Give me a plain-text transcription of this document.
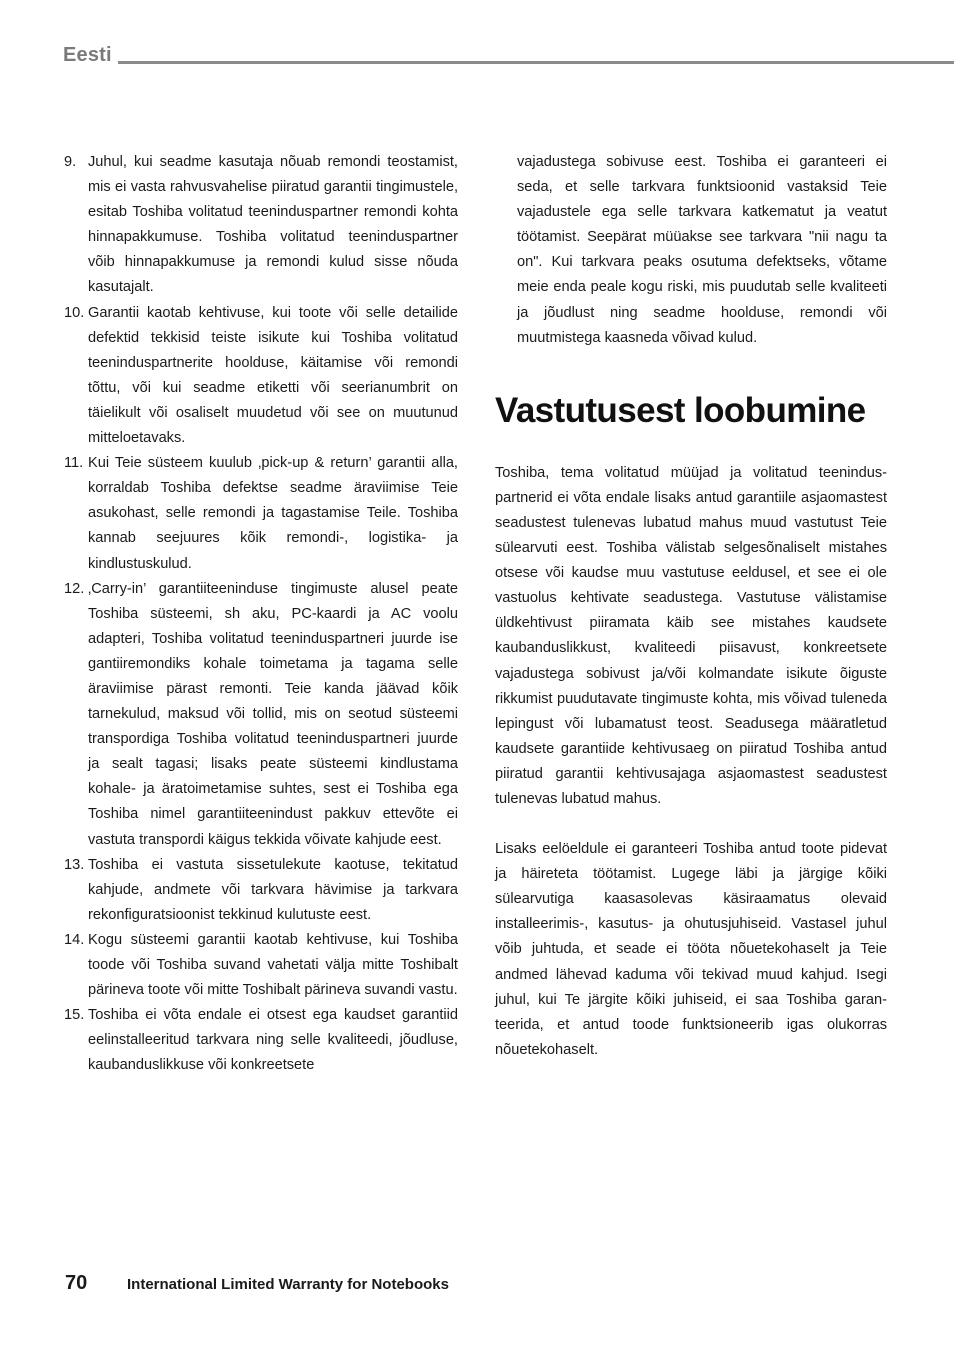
Eesti
9. Juhul, kui seadme kasutaja nõuab remondi teostamist, mis ei vasta rahvusvahelise piiratud garantii tingimustele, esitab Toshiba volitatud teeninduspartner remondi kohta hinnapakkumuse. Toshiba volitatud teeninduspartner võib hinnapakkumuse ja remondi kulud sisse nõuda kasutajalt.
10. Garantii kaotab kehtivuse, kui toote või selle detailide defektid tekkisid teiste isikute kui Toshiba volitatud teeninduspartnerite hoolduse, käitamise või remondi tõttu, või kui seadme etiketti või seerianumbrit on täielikult või osaliselt muudetud või see on muutunud mitteloetavaks.
11. Kui Teie süsteem kuulub ‚pick-up & return’ garantii alla, korraldab Toshiba defektse seadme äraviimise Teie asukohast, selle remondi ja tagastamise Teile. Toshiba kannab seejuures kõik remondi-, logistika- ja kindlustuskulud.
12. ‚Carry-in’ garantiiteeninduse tingimuste alusel peate Toshiba süsteemi, sh aku, PC-kaardi ja AC voolu adapteri, Toshiba volitatud teeninduspartneri juurde ise gantiiremondiks kohale toimetama ja tagama selle äraviimise pärast remonti. Teie kanda jäävad kõik tarnekulud, maksud või tollid, mis on seotud süsteemi transpordiga Toshiba volitatud teeninduspartneri juurde ja sealt tagasi; lisaks peate süsteemi kindlustama kohale- ja äratoimetamise suhtes, sest ei Toshiba ega Toshiba nimel garantiiteenindust pakkuv ettevõte ei vastuta transpordi käigus tekkida võivate kahjude eest.
13. Toshiba ei vastuta sissetulekute kaotuse, tekitatud kahjude, andmete või tarkvara hävimise ja tarkvara rekonfiguratsioonist tekkinud kulutuste eest.
14. Kogu süsteemi garantii kaotab kehtivuse, kui Toshiba toode või Toshiba suvand vahetati välja mitte Toshibalt pärineva toote või mitte Toshibalt pärineva suvandi vastu.
15. Toshiba ei võta endale ei otsest ega kaudset garantiid eelinstalleeritud tarkvara ning selle kvaliteedi, jõudluse, kaubanduslikkuse või konkreetsete

vajadustega sobivuse eest. Toshiba ei garanteeri ei seda, et selle tarkvara funktsioonid vastaksid Teie vajadustele ega selle tarkvara katkematut ja veatut töötamist. Seepärat müüakse see tarkvara "nii nagu ta on". Kui tarkvara peaks osutuma defektseks, võtame meie enda peale kogu riski, mis puudutab selle kvaliteeti ja jõudlust ning seadme hoolduse, remondi või muutmistega kaasneda võivad kulud.

Vastutusest loobumine

Toshiba, tema volitatud müüjad ja volitatud teeninduspartnerid ei võta endale lisaks antud garantiile asjaomastest seadustest tulenevas lubatud mahus muud vastutust Teie sülearvuti eest. Toshiba välistab selgesõnaliselt mistahes otsese või kaudse muu vastutuse eeldusel, et see ei ole vastuolus kehtivate seadustega. Vastutuse välistamise üldkehtivust piiramata käib see mistahes kaudsete kaubanduslikkust, kvaliteedi piisavust, konkreetsete vajadustega sobivust ja/või kolmandate isikute õiguste rikkumist puudutavate tingimuste kohta, mis võivad tuleneda lepingust või lubamatust teost. Seadusega määratletud kaudsete garantiide kehtivusaeg on piiratud Toshiba antud piiratud garantii kehtivusajaga asjaomastest seadustest tulenevas lubatud mahus.

Lisaks eelöeldule ei garanteeri Toshiba antud toote pidevat ja häireteta töötamist. Lugege läbi ja järgige kõiki sülearvutiga kaasasolevas käsiraamatus olevaid installeerimis-, kasutus- ja ohutusjuhiseid. Vastasel juhul võib juhtuda, et seade ei tööta nõuetekohaselt ja Teie andmed lähevad kaduma või tekivad muud kahjud. Isegi juhul, kui Te järgite kõiki juhiseid, ei saa Toshiba garanteerida, et antud toode funktsioneerib igas olukorras nõuetekohaselt.

70	International Limited Warranty for Notebooks
